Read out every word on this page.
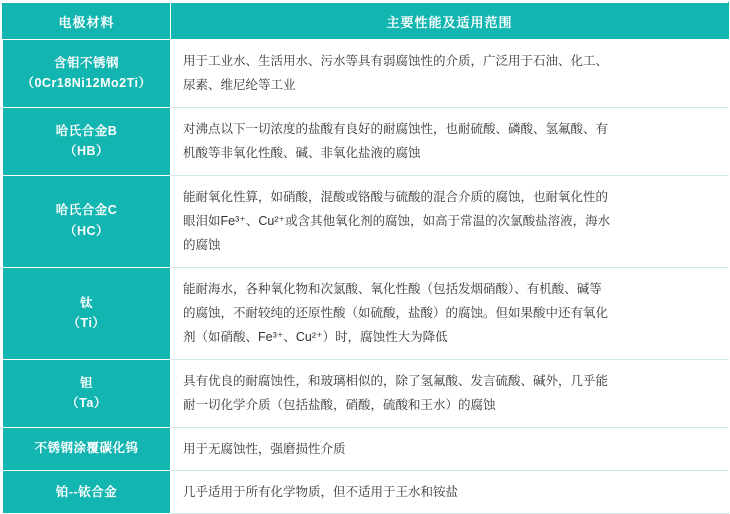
电极材料	主要性能及适用范围

含钼不锈钢
（0Cr18Ni12Mo2Ti）	用于工业水、生活用水、污水等具有弱腐蚀性的介质，广泛用于石油、化工、
尿素、维尼纶等工业

哈氏合金B
（HB）	对沸点以下一切浓度的盐酸有良好的耐腐蚀性，也耐硫酸、磷酸、氢氟酸、有
机酸等非氧化性酸、碱、非氧化盐液的腐蚀

哈氏合金C
（HC）	能耐氧化性算，如硝酸，混酸或铬酸与硫酸的混合介质的腐蚀，也耐氧化性的
眼泪如Fe³⁺、Cu²⁺或含其他氧化剂的腐蚀，如高于常温的次氯酸盐溶液，海水
的腐蚀

钛
（Ti）	能耐海水，各种氧化物和次氯酸、氧化性酸（包括发烟硝酸）、有机酸、碱等
的腐蚀，不耐较纯的还原性酸（如硫酸，盐酸）的腐蚀。但如果酸中还有氧化
剂（如硝酸、Fe³⁺、Cu²⁺）时，腐蚀性大为降低

钽
（Ta）	具有优良的耐腐蚀性，和玻璃相似的，除了氢氟酸、发言硫酸、碱外，几乎能
耐一切化学介质（包括盐酸，硝酸，硫酸和王水）的腐蚀

不锈钢涂覆碳化钨	用于无腐蚀性，强磨损性介质

铂--铱合金	几乎适用于所有化学物质，但不适用于王水和铵盐
